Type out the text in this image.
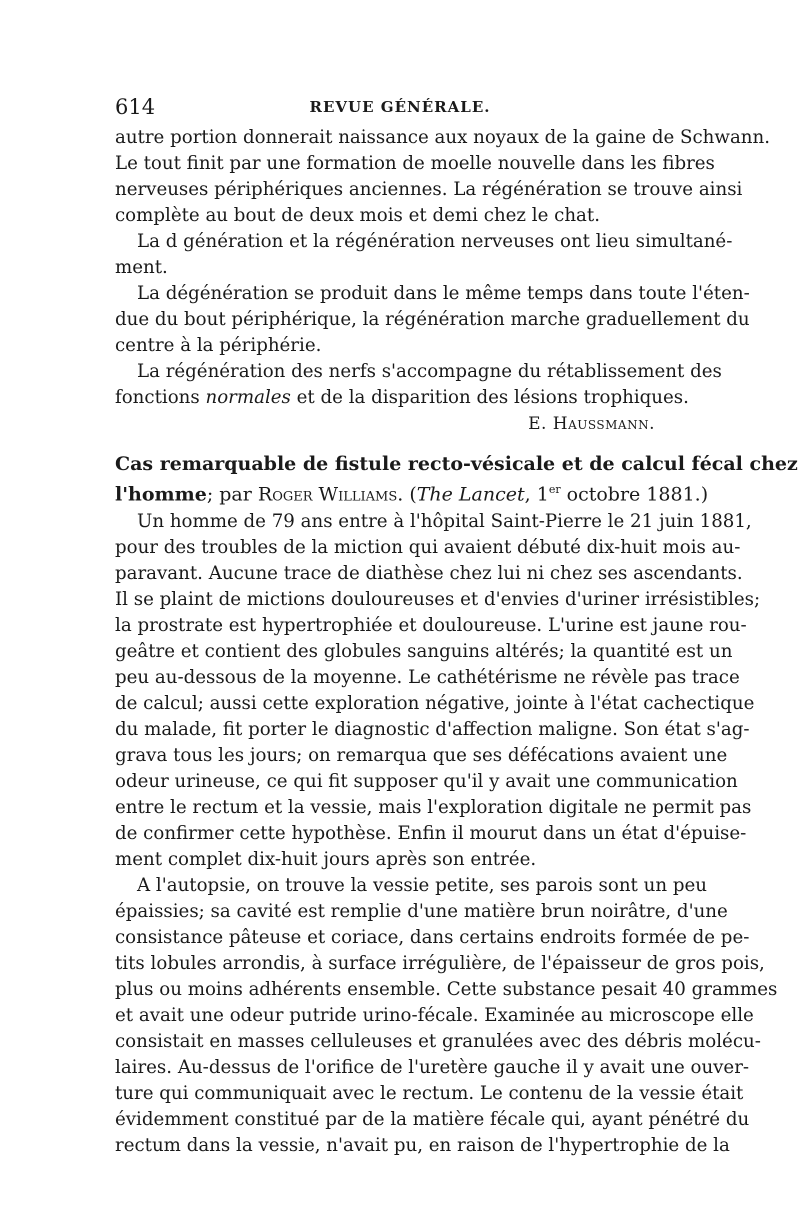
614	REVUE GÉNÉRALE.
autre portion donnerait naissance aux noyaux de la gaine de Schwann.
Le tout finit par une formation de moelle nouvelle dans les fibres
nerveuses périphériques anciennes. La régénération se trouve ainsi
complète au bout de deux mois et demi chez le chat.
La d génération et la régénération nerveuses ont lieu simultané-
ment.
La dégénération se produit dans le même temps dans toute l'éten-
due du bout périphérique, la régénération marche graduellement du
centre à la périphérie.
La régénération des nerfs s'accompagne du rétablissement des
fonctions normales et de la disparition des lésions trophiques.
E. Haussmann.
Cas remarquable de fistule recto-vésicale et de calcul fécal chez
l'homme; par Roger Williams. (The Lancet, 1er octobre 1881.)
Un homme de 79 ans entre à l'hôpital Saint-Pierre le 21 juin 1881,
pour des troubles de la miction qui avaient débuté dix-huit mois au-
paravant. Aucune trace de diathèse chez lui ni chez ses ascendants.
Il se plaint de mictions douloureuses et d'envies d'uriner irrésistibles;
la prostrate est hypertrophiée et douloureuse. L'urine est jaune rou-
geâtre et contient des globules sanguins altérés; la quantité est un
peu au-dessous de la moyenne. Le cathétérisme ne révèle pas trace
de calcul; aussi cette exploration négative, jointe à l'état cachectique
du malade, fit porter le diagnostic d'affection maligne. Son état s'ag-
grava tous les jours; on remarqua que ses défécations avaient une
odeur urineuse, ce qui fit supposer qu'il y avait une communication
entre le rectum et la vessie, mais l'exploration digitale ne permit pas
de confirmer cette hypothèse. Enfin il mourut dans un état d'épuise-
ment complet dix-huit jours après son entrée.
A l'autopsie, on trouve la vessie petite, ses parois sont un peu
épaissies; sa cavité est remplie d'une matière brun noirâtre, d'une
consistance pâteuse et coriace, dans certains endroits formée de pe-
tits lobules arrondis, à surface irrégulière, de l'épaisseur de gros pois,
plus ou moins adhérents ensemble. Cette substance pesait 40 grammes
et avait une odeur putride urino-fécale. Examinée au microscope elle
consistait en masses celluleuses et granulées avec des débris molécu-
laires. Au-dessus de l'orifice de l'uretère gauche il y avait une ouver-
ture qui communiquait avec le rectum. Le contenu de la vessie était
évidemment constitué par de la matière fécale qui, ayant pénétré du
rectum dans la vessie, n'avait pu, en raison de l'hypertrophie de la
